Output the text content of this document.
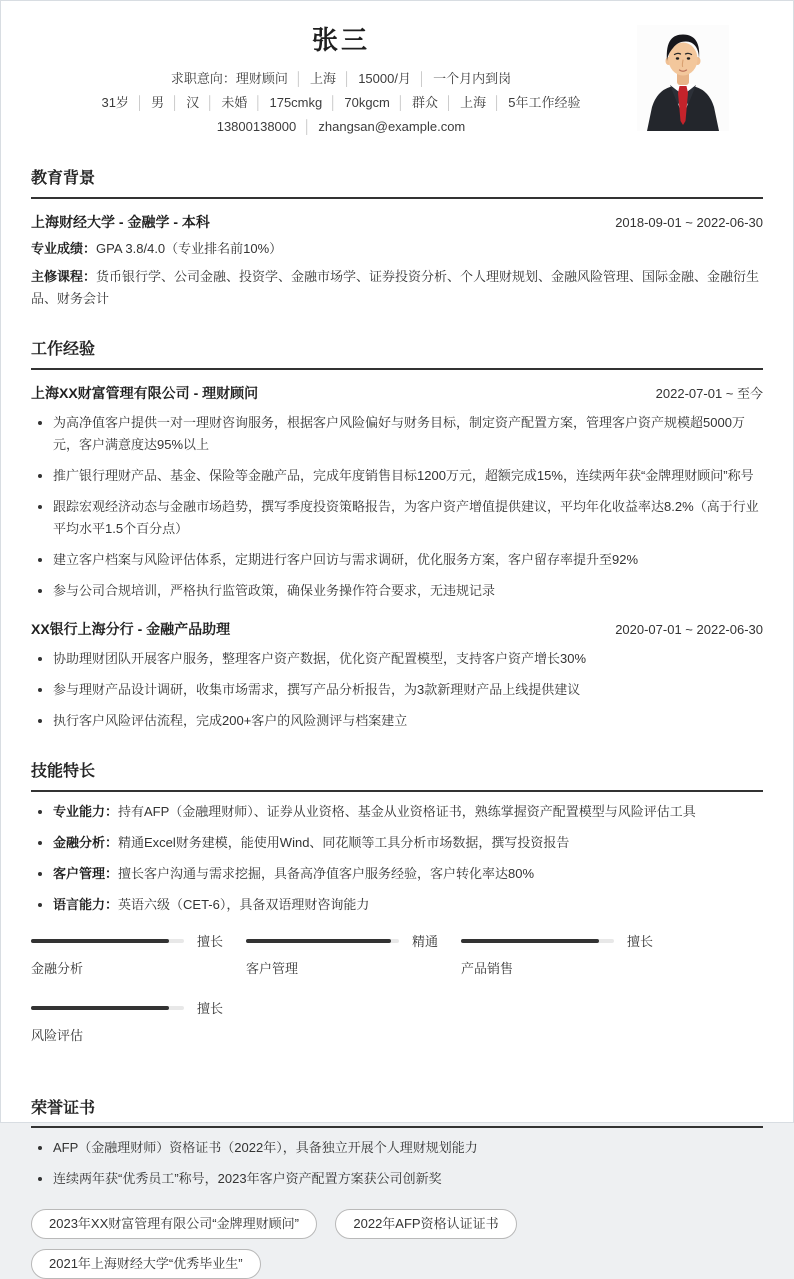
张三
求职意向：理财顾问 │ 上海 │ 15000/月 │ 一个月内到岗
31岁 │ 男 │ 汉 │ 未婚 │ 175cmkg │ 70kgcm │ 群众 │ 上海 │ 5年工作经验
13800138000 │ zhangsan@example.com
教育背景
上海财经大学 - 金融学 - 本科	2018-09-01 ~ 2022-06-30

专业成绩：GPA 3.8/4.0（专业排名前10%）

主修课程：货币银行学、公司金融、投资学、金融市场学、证券投资分析、个人理财规划、金融风险管理、国际金融、金融衍生品、财务会计

工作经验
上海XX财富管理有限公司 - 理财顾问	2022-07-01 ~ 至今
为高净值客户提供一对一理财咨询服务，根据客户风险偏好与财务目标，制定资产配置方案，管理客户资产规模超5000万元，客户满意度达95%以上
推广银行理财产品、基金、保险等金融产品，完成年度销售目标1200万元，超额完成15%，连续两年获“金牌理财顾问”称号
跟踪宏观经济动态与金融市场趋势，撰写季度投资策略报告，为客户资产增值提供建议，平均年化收益率达8.2%（高于行业平均水平1.5个百分点）
建立客户档案与风险评估体系，定期进行客户回访与需求调研，优化服务方案，客户留存率提升至92%
参与公司合规培训，严格执行监管政策，确保业务操作符合要求，无违规记录
XX银行上海分行 - 金融产品助理	2020-07-01 ~ 2022-06-30
协助理财团队开展客户服务，整理客户资产数据，优化资产配置模型，支持客户资产增长30%
参与理财产品设计调研，收集市场需求，撰写产品分析报告，为3款新理财产品上线提供建议
执行客户风险评估流程，完成200+客户的风险测评与档案建立
技能特长
专业能力：持有AFP（金融理财师）、证券从业资格、基金从业资格证书，熟练掌握资产配置模型与风险评估工具
金融分析：精通Excel财务建模，能使用Wind、同花顺等工具分析市场数据，撰写投资报告
客户管理：擅长客户沟通与需求挖掘，具备高净值客户服务经验，客户转化率达80%
语言能力：英语六级（CET-6），具备双语理财咨询能力
擅长
金融分析
精通
客户管理
擅长
产品销售
擅长
风险评估
荣誉证书
AFP（金融理财师）资格证书（2022年），具备独立开展个人理财规划能力
连续两年获“优秀员工”称号，2023年客户资产配置方案获公司创新奖
2023年XX财富管理有限公司“金牌理财顾问”	2022年AFP资格认证证书 2021年上海财经大学“优秀毕业生”
